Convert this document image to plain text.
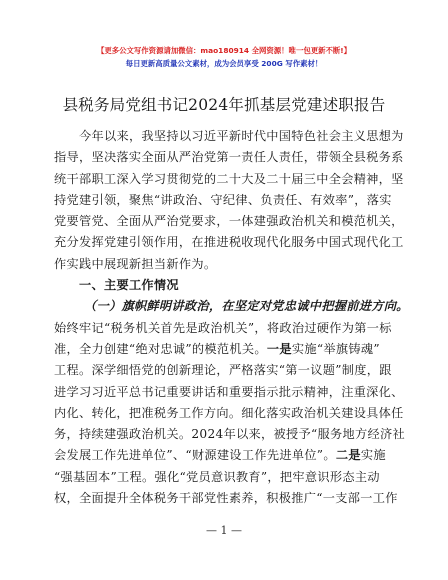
【更多公文写作资源请加微信：mao180914 全网资源！唯一包更新不断!】
每日更新高质量公文素材，成为会员享受 200G 写作素材！
县税务局党组书记2024年抓基层党建述职报告
今年以来，我坚持以习近平新时代中国特色社会主义思想为
指导，坚决落实全面从严治党第一责任人责任，带领全县税务系
统干部职工深入学习贯彻党的二十大及二十届三中全会精神，坚
持党建引领，聚焦“讲政治、守纪律、负责任、有效率”，落实
党要管党、全面从严治党要求，一体建强政治机关和模范机关，
充分发挥党建引领作用，在推进税收现代化服务中国式现代化工
作实践中展现新担当新作为。
一、主要工作情况
（一）旗帜鲜明讲政治，在坚定对党忠诚中把握前进方向。
始终牢记“税务机关首先是政治机关”，将政治过硬作为第一标
准，全力创建“绝对忠诚”的模范机关。一是实施“举旗铸魂”
工程。深学细悟党的创新理论，严格落实“第一议题”制度，跟
进学习习近平总书记重要讲话和重要指示批示精神，注重深化、
内化、转化，把准税务工作方向。细化落实政治机关建设具体任
务，持续建强政治机关。2024年以来，被授予“服务地方经济社
会发展工作先进单位”、“财源建设工作先进单位”。二是实施
“强基固本”工程。强化“党员意识教育”，把牢意识形态主动
权，全面提升全体税务干部党性素养，积极推广“一支部一工作
— 1 —
